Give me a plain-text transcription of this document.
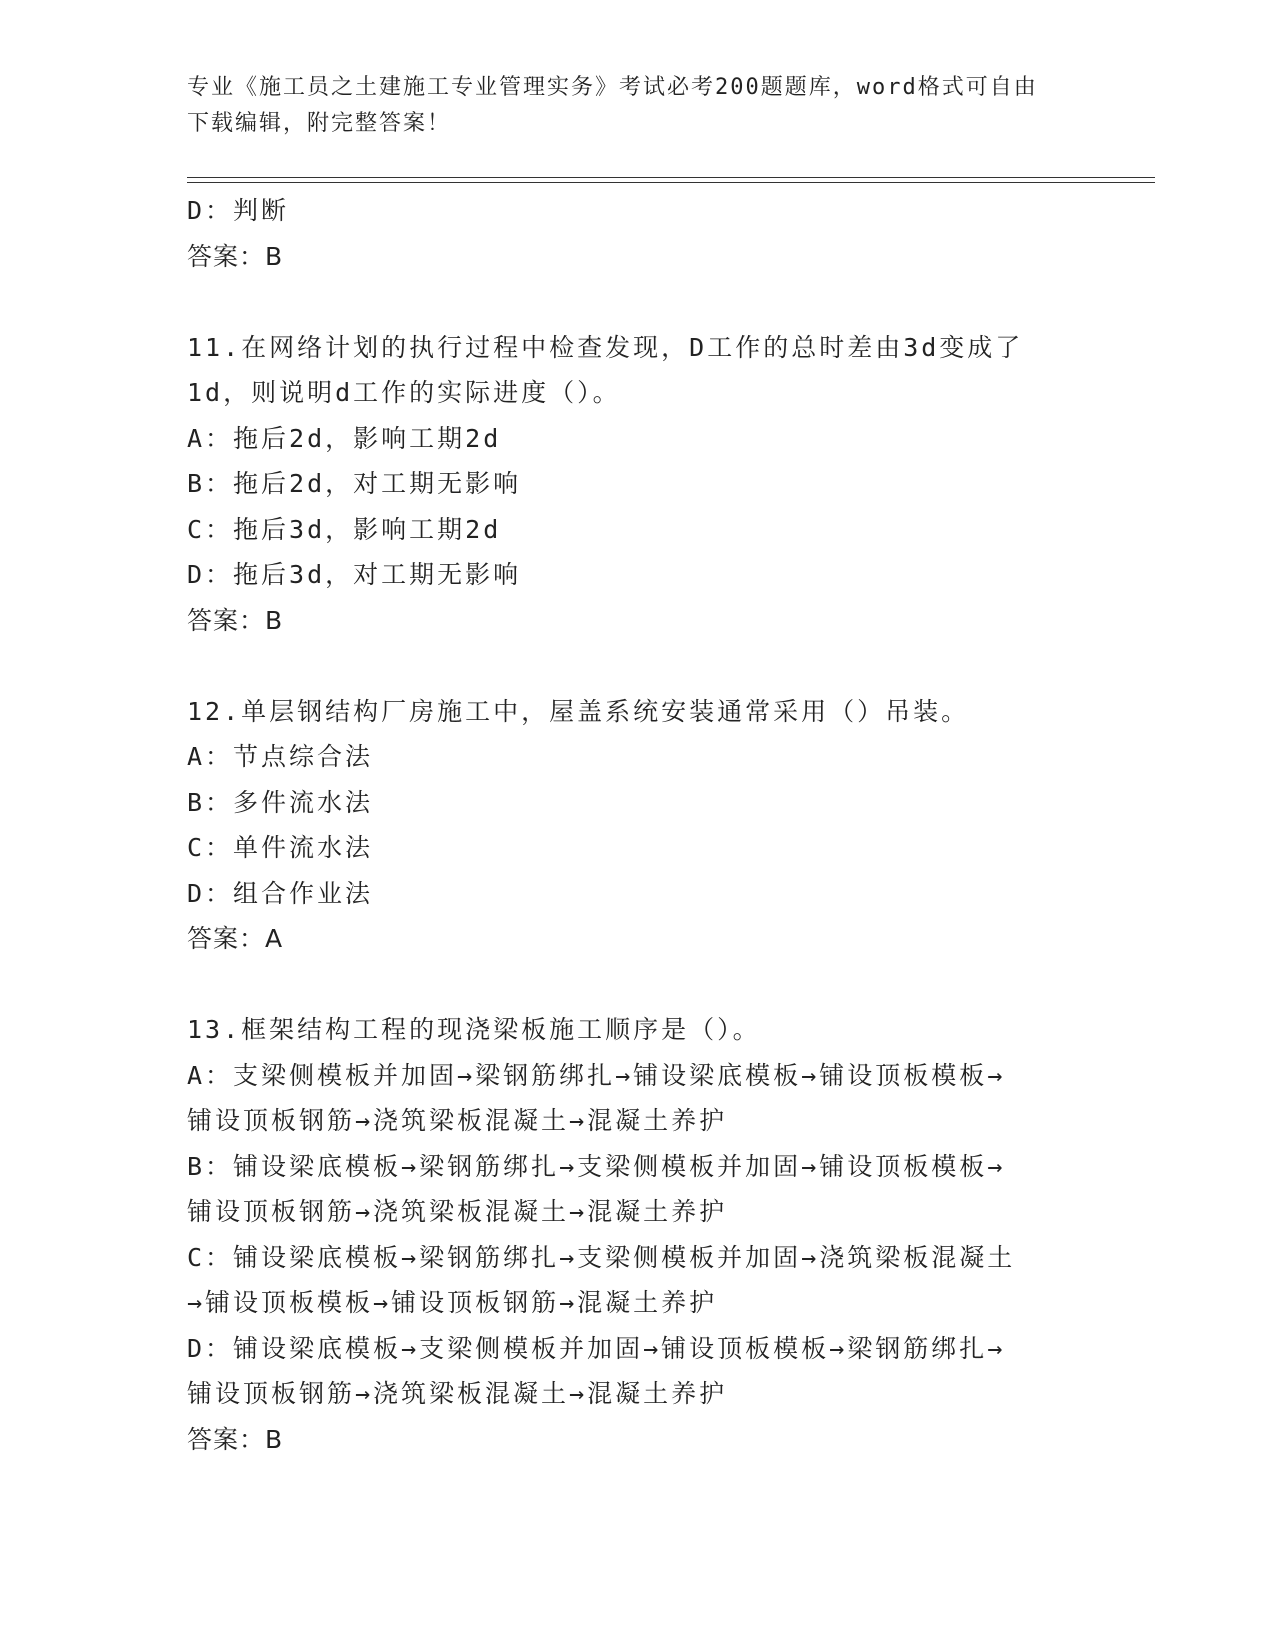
专业《施工员之土建施工专业管理实务》考试必考200题题库，word格式可自由
下载编辑，附完整答案！
D：判断
答案：B
11.在网络计划的执行过程中检查发现，D工作的总时差由3d变成了
1d，则说明d工作的实际进度（）。
A：拖后2d，影响工期2d
B：拖后2d，对工期无影响
C：拖后3d，影响工期2d
D：拖后3d，对工期无影响
答案：B
12.单层钢结构厂房施工中，屋盖系统安装通常采用（）吊装。
A：节点综合法
B：多件流水法
C：单件流水法
D：组合作业法
答案：A
13.框架结构工程的现浇梁板施工顺序是（）。
A：支梁侧模板并加固→梁钢筋绑扎→铺设梁底模板→铺设顶板模板→
铺设顶板钢筋→浇筑梁板混凝土→混凝土养护
B：铺设梁底模板→梁钢筋绑扎→支梁侧模板并加固→铺设顶板模板→
铺设顶板钢筋→浇筑梁板混凝土→混凝土养护
C：铺设梁底模板→梁钢筋绑扎→支梁侧模板并加固→浇筑梁板混凝土
→铺设顶板模板→铺设顶板钢筋→混凝土养护
D：铺设梁底模板→支梁侧模板并加固→铺设顶板模板→梁钢筋绑扎→
铺设顶板钢筋→浇筑梁板混凝土→混凝土养护
答案：B
